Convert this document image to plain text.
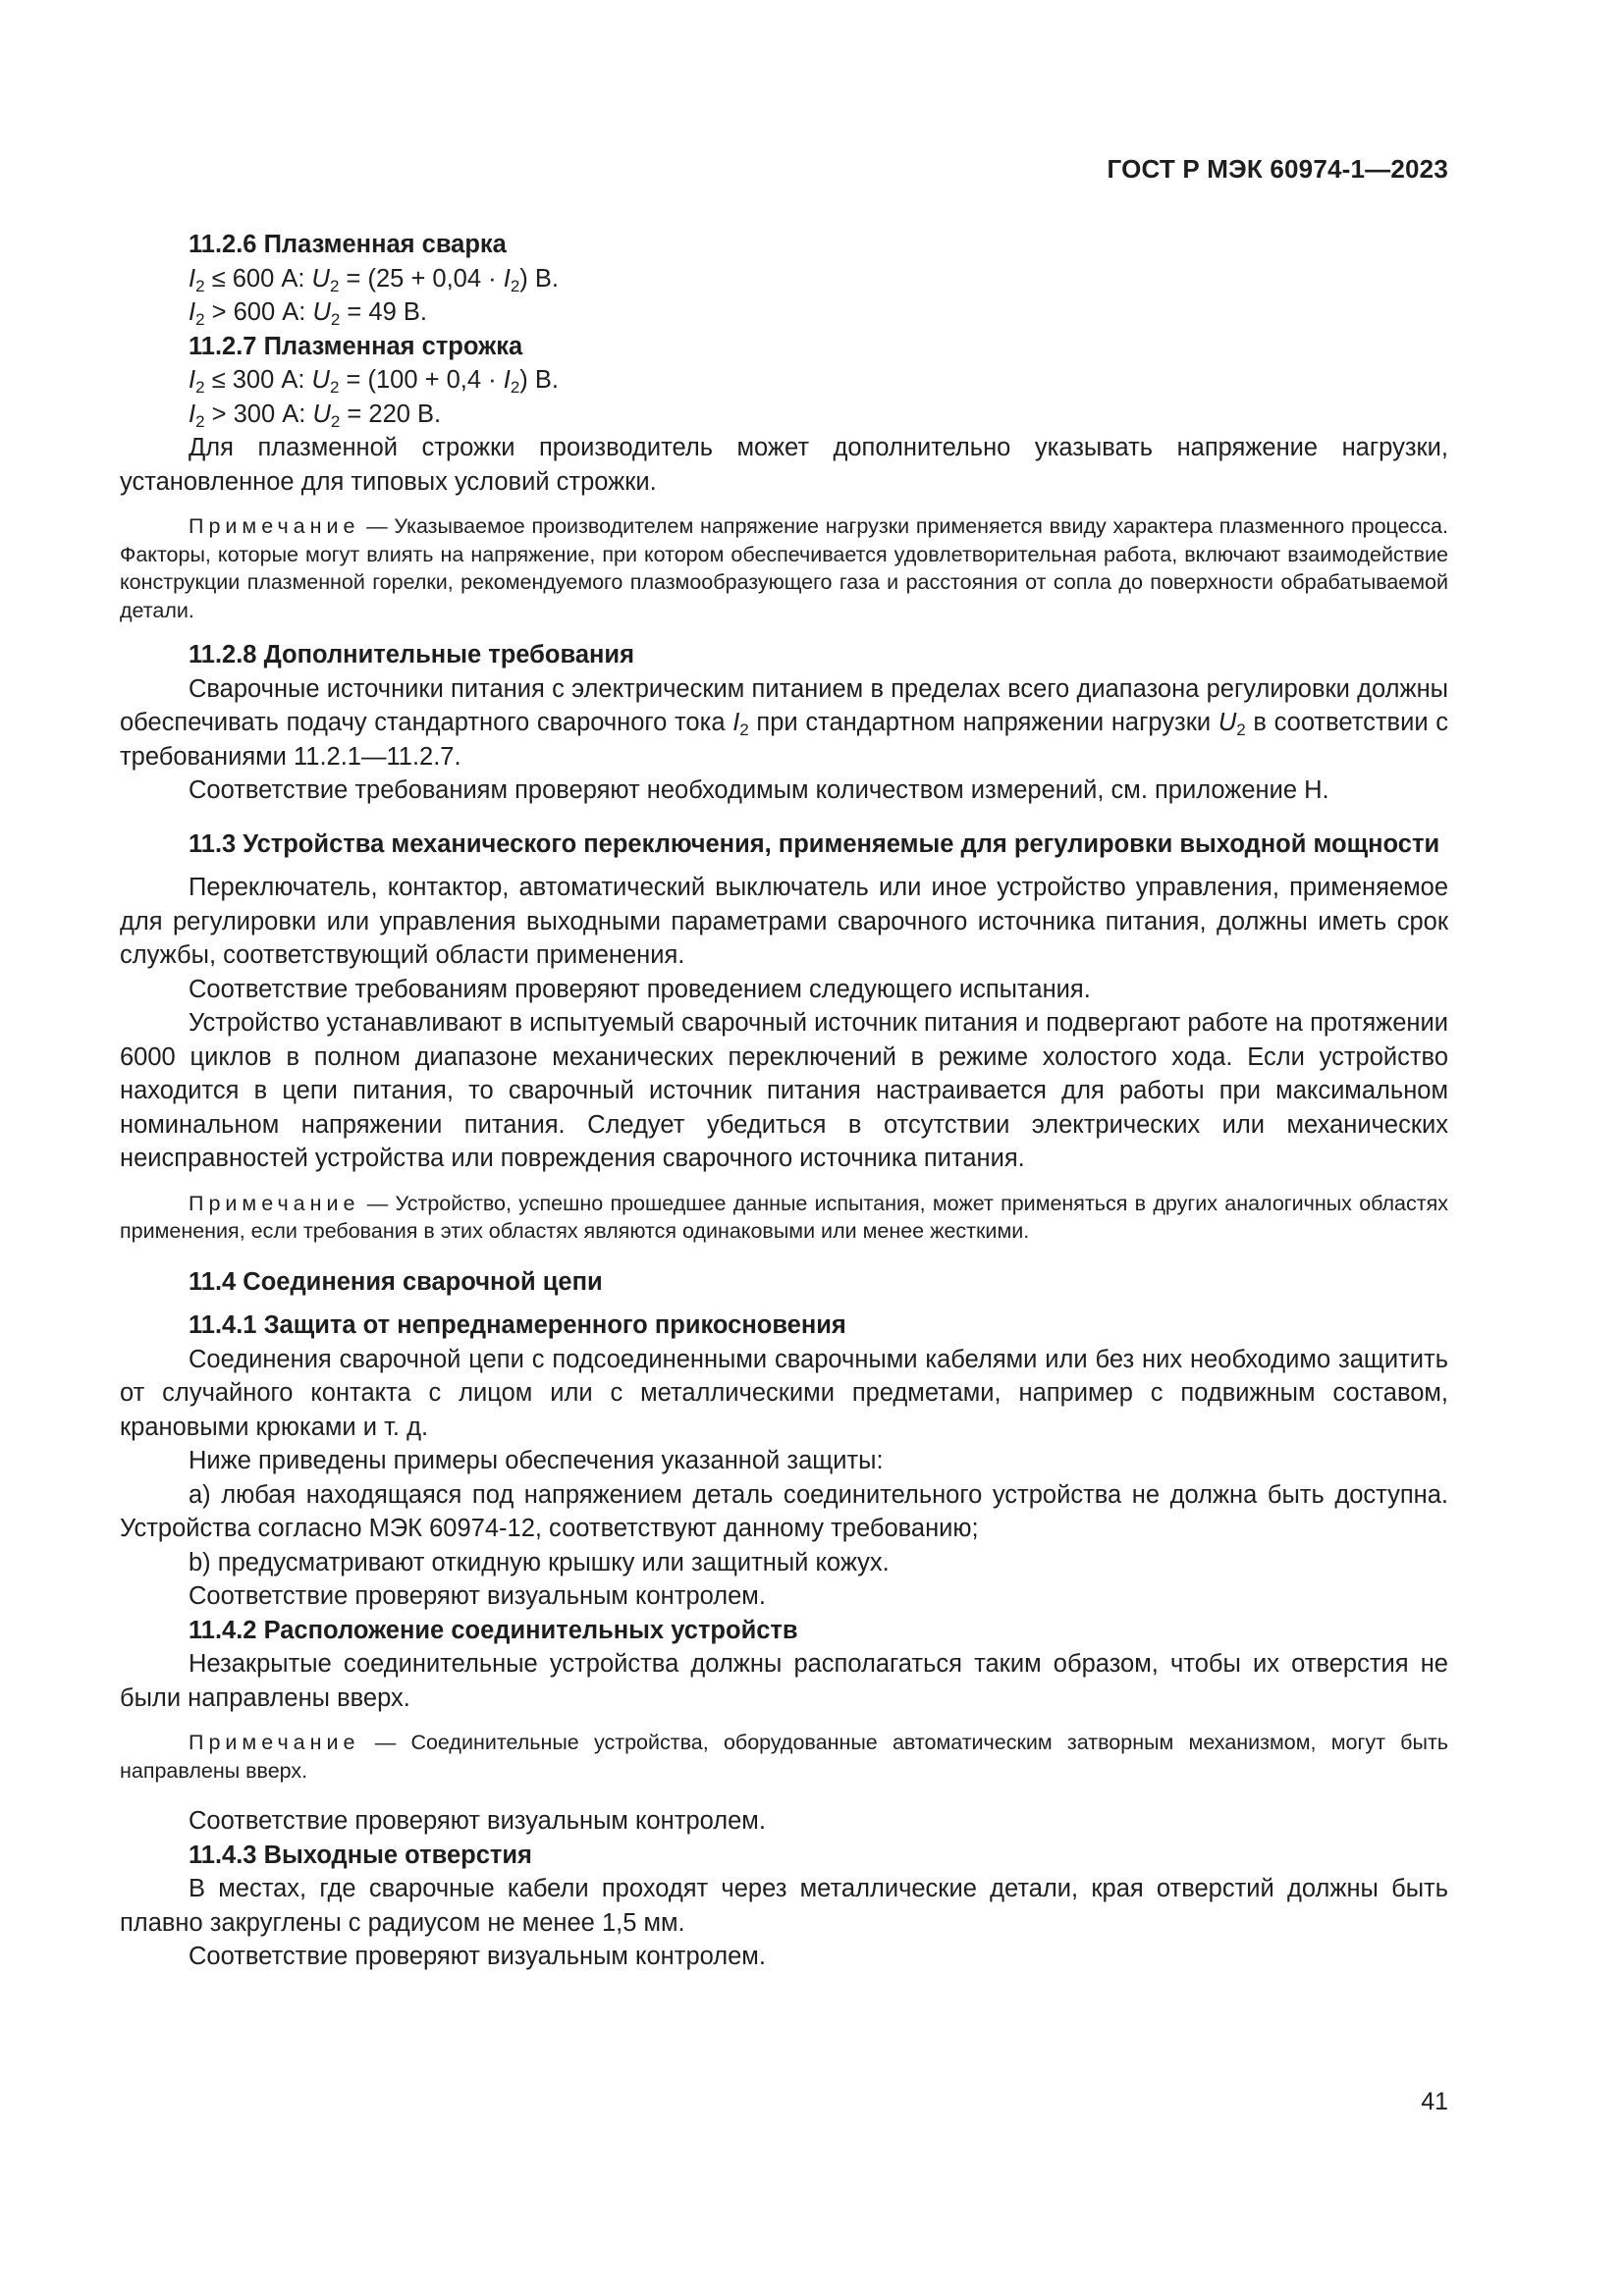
ГОСТ Р МЭК 60974-1—2023

11.2.6 Плазменная сварка

$I_2 \le 600$ А: $U_2 = (25 + 0,04 \cdot I_2)$ В.

$I_2 > 600$ А: $U_2 = 49$ В.

11.2.7 Плазменная строжка

$I_2 \le 300$ А: $U_2 = (100 + 0,4 \cdot I_2)$ В.

$I_2 > 300$ А: $U_2 = 220$ В.

Для плазменной строжки производитель может дополнительно указывать напряжение нагрузки, установленное для типовых условий строжки.

Примечание — Указываемое производителем напряжение нагрузки применяется ввиду характера плазменного процесса. Факторы, которые могут влиять на напряжение, при котором обеспечивается удовлетворительная работа, включают взаимодействие конструкции плазменной горелки, рекомендуемого плазмообразующего газа и расстояния от сопла до поверхности обрабатываемой детали.

11.2.8 Дополнительные требования

Сварочные источники питания с электрическим питанием в пределах всего диапазона регулировки должны обеспечивать подачу стандартного сварочного тока $I_2$ при стандартном напряжении нагрузки $U_2$ в соответствии с требованиями 11.2.1—11.2.7.

Соответствие требованиям проверяют необходимым количеством измерений, см. приложение Н.

11.3 Устройства механического переключения, применяемые для регулировки выходной мощности

Переключатель, контактор, автоматический выключатель или иное устройство управления, применяемое для регулировки или управления выходными параметрами сварочного источника питания, должны иметь срок службы, соответствующий области применения.

Соответствие требованиям проверяют проведением следующего испытания.

Устройство устанавливают в испытуемый сварочный источник питания и подвергают работе на протяжении 6000 циклов в полном диапазоне механических переключений в режиме холостого хода. Если устройство находится в цепи питания, то сварочный источник питания настраивается для работы при максимальном номинальном напряжении питания. Следует убедиться в отсутствии электрических или механических неисправностей устройства или повреждения сварочного источника питания.

Примечание — Устройство, успешно прошедшее данные испытания, может применяться в других аналогичных областях применения, если требования в этих областях являются одинаковыми или менее жесткими.

11.4 Соединения сварочной цепи

11.4.1 Защита от непреднамеренного прикосновения

Соединения сварочной цепи с подсоединенными сварочными кабелями или без них необходимо защитить от случайного контакта с лицом или с металлическими предметами, например с подвижным составом, крановыми крюками и т. д.

Ниже приведены примеры обеспечения указанной защиты:

a) любая находящаяся под напряжением деталь соединительного устройства не должна быть доступна. Устройства согласно МЭК 60974-12, соответствуют данному требованию;

b) предусматривают откидную крышку или защитный кожух.

Соответствие проверяют визуальным контролем.

11.4.2 Расположение соединительных устройств

Незакрытые соединительные устройства должны располагаться таким образом, чтобы их отверстия не были направлены вверх.

Примечание — Соединительные устройства, оборудованные автоматическим затворным механизмом, могут быть направлены вверх.

Соответствие проверяют визуальным контролем.

11.4.3 Выходные отверстия

В местах, где сварочные кабели проходят через металлические детали, края отверстий должны быть плавно закруглены с радиусом не менее 1,5 мм.

Соответствие проверяют визуальным контролем.

41
